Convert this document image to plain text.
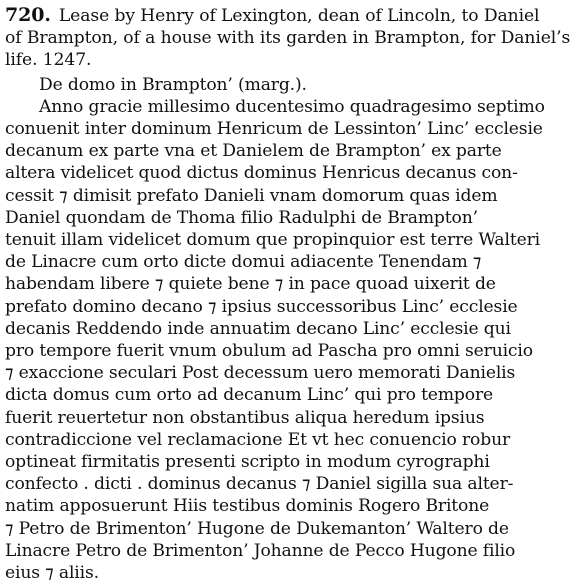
720. Lease by Henry of Lexington, dean of Lincoln, to Daniel
of Brampton, of a house with its garden in Brampton, for Daniel’s
life. 1247.

De domo in Brampton’ (marg.).
Anno gracie millesimo ducentesimo quadragesimo septimo
conuenit inter dominum Henricum de Lessinton’ Linc’ ecclesie
decanum ex parte vna et Danielem de Brampton’ ex parte
altera videlicet quod dictus dominus Henricus decanus con-
cessit ⁊ dimisit prefato Danieli vnam domorum quas idem
Daniel quondam de Thoma filio Radulphi de Brampton’
tenuit illam videlicet domum que propinquior est terre Walteri
de Linacre cum orto dicte domui adiacente Tenendam ⁊
habendam libere ⁊ quiete bene ⁊ in pace quoad uixerit de
prefato domino decano ⁊ ipsius successoribus Linc’ ecclesie
decanis Reddendo inde annuatim decano Linc’ ecclesie qui
pro tempore fuerit vnum obulum ad Pascha pro omni seruicio
⁊ exaccione seculari Post decessum uero memorati Danielis
dicta domus cum orto ad decanum Linc’ qui pro tempore
fuerit reuertetur non obstantibus aliqua heredum ipsius
contradiccione vel reclamacione Et vt hec conuencio robur
optineat firmitatis presenti scripto in modum cyrographi
confecto . dicti . dominus decanus ⁊ Daniel sigilla sua alter-
natim apposuerunt Hiis testibus dominis Rogero Britone
⁊ Petro de Brimenton’ Hugone de Dukemanton’ Waltero de
Linacre Petro de Brimenton’ Johanne de Pecco Hugone filio
eius ⁊ aliis.
